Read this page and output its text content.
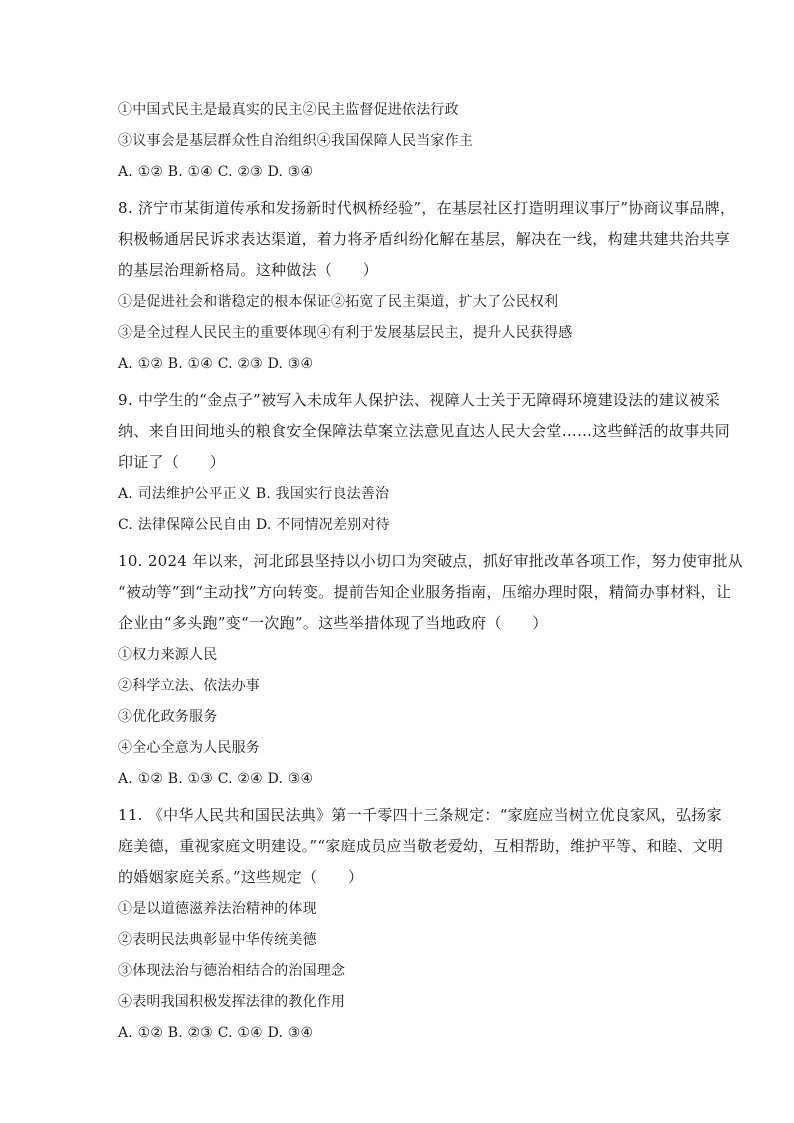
①中国式民主是最真实的民主②民主监督促进依法行政

③议事会是基层群众性自治组织④我国保障人民当家作主

A. ①② B. ①④ C. ②③ D. ③④

8. 济宁市某街道传承和发扬新时代枫桥经验”，在基层社区打造明理议事厅”协商议事品牌，

积极畅通居民诉求表达渠道，着力将矛盾纠纷化解在基层，解决在一线，构建共建共治共享

的基层治理新格局。这种做法（　　）

①是促进社会和谐稳定的根本保证②拓宽了民主渠道，扩大了公民权利

③是全过程人民民主的重要体现④有利于发展基层民主，提升人民获得感

A. ①② B. ①④ C. ②③ D. ③④

9. 中学生的“金点子”被写入未成年人保护法、视障人士关于无障碍环境建设法的建议被采

纳、来自田间地头的粮食安全保障法草案立法意见直达人民大会堂……这些鲜活的故事共同

印证了（　　）

A. 司法维护公平正义 B. 我国实行良法善治

C. 法律保障公民自由 D. 不同情况差别对待

10. 2024 年以来，河北邱县坚持以小切口为突破点，抓好审批改革各项工作，努力使审批从

“被动等”到“主动找”方向转变。提前告知企业服务指南，压缩办理时限，精简办事材料，让

企业由“多头跑”变“一次跑”。这些举措体现了当地政府（　　）

①权力来源人民

②科学立法、依法办事

③优化政务服务

④全心全意为人民服务

A. ①② B. ①③ C. ②④ D. ③④

11. 《中华人民共和国民法典》第一千零四十三条规定：“家庭应当树立优良家风，弘扬家

庭美德，重视家庭文明建设。”“家庭成员应当敬老爱幼，互相帮助，维护平等、和睦、文明

的婚姻家庭关系。”这些规定（　　）

①是以道德滋养法治精神的体现

②表明民法典彰显中华传统美德

③体现法治与德治相结合的治国理念

④表明我国积极发挥法律的教化作用

A. ①② B. ②③ C. ①④ D. ③④
